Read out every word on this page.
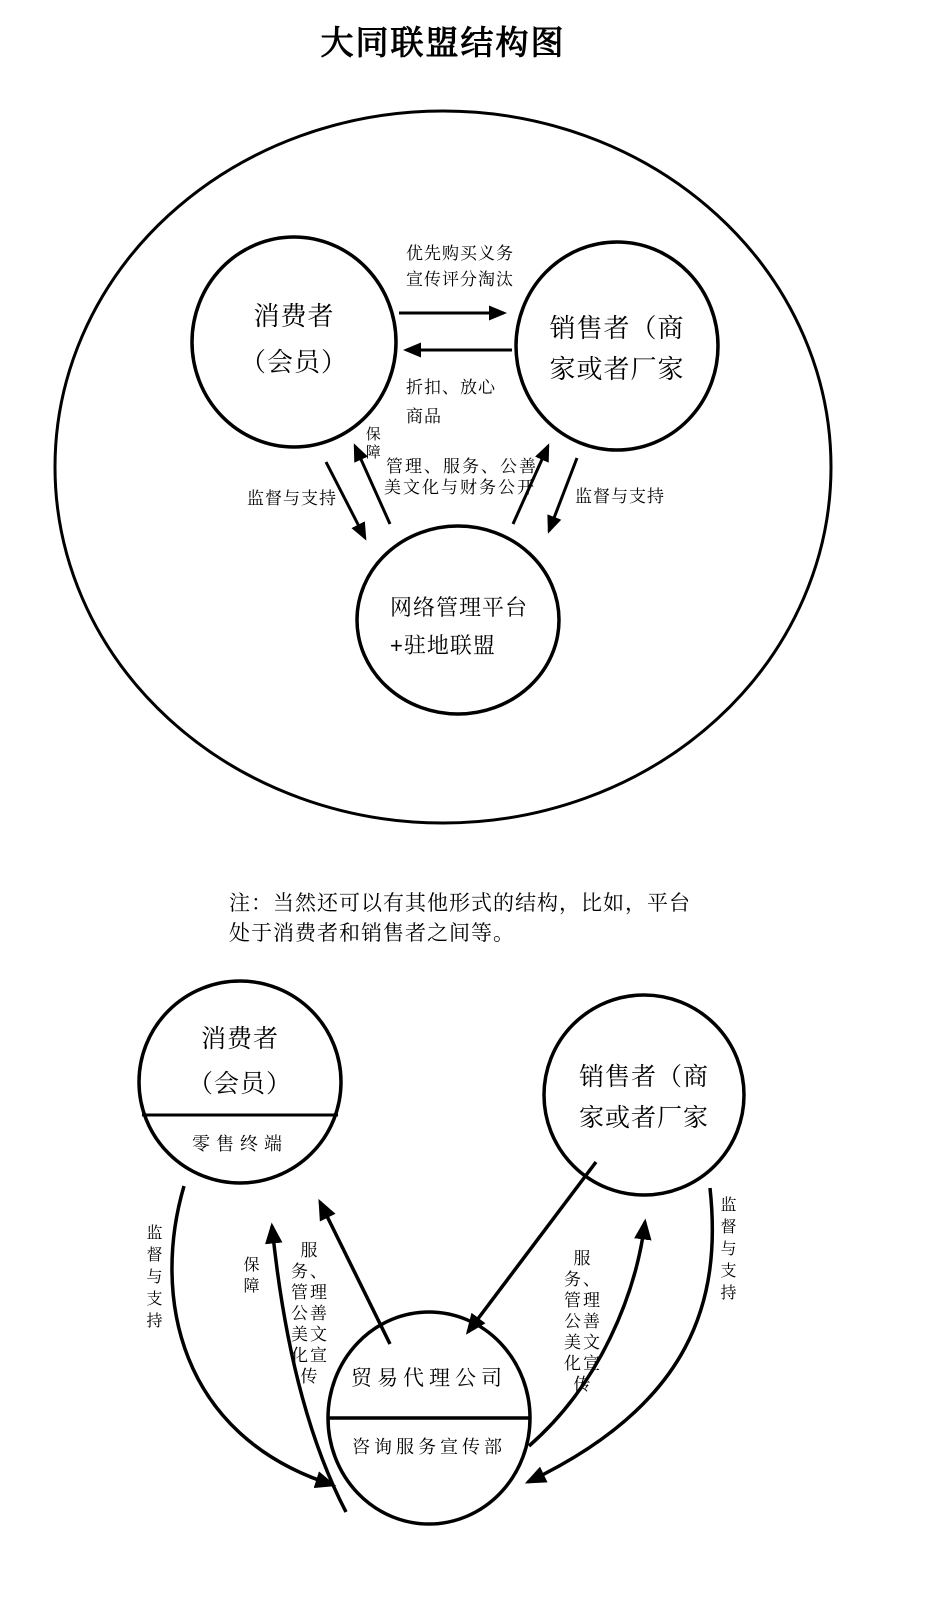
大同联盟结构图
消费者
（会员）
销售者（商
家或者厂家
网络管理平台
+驻地联盟
优先购买义务
宣传评分淘汰
折扣、放心
商品
监督与支持	监督与支持
保障
管理、服务、公善
美文化与财务公开
注：当然还可以有其他形式的结构，比如，平台
处于消费者和销售者之间等。
消费者
（会员）
零售终端
销售者（商
家或者厂家
贸易代理公司
咨询服务宣传部
监督与支持	保障
服务、管理公善美文化宣传
服务、管理公善美文化宣传
监督与支持
